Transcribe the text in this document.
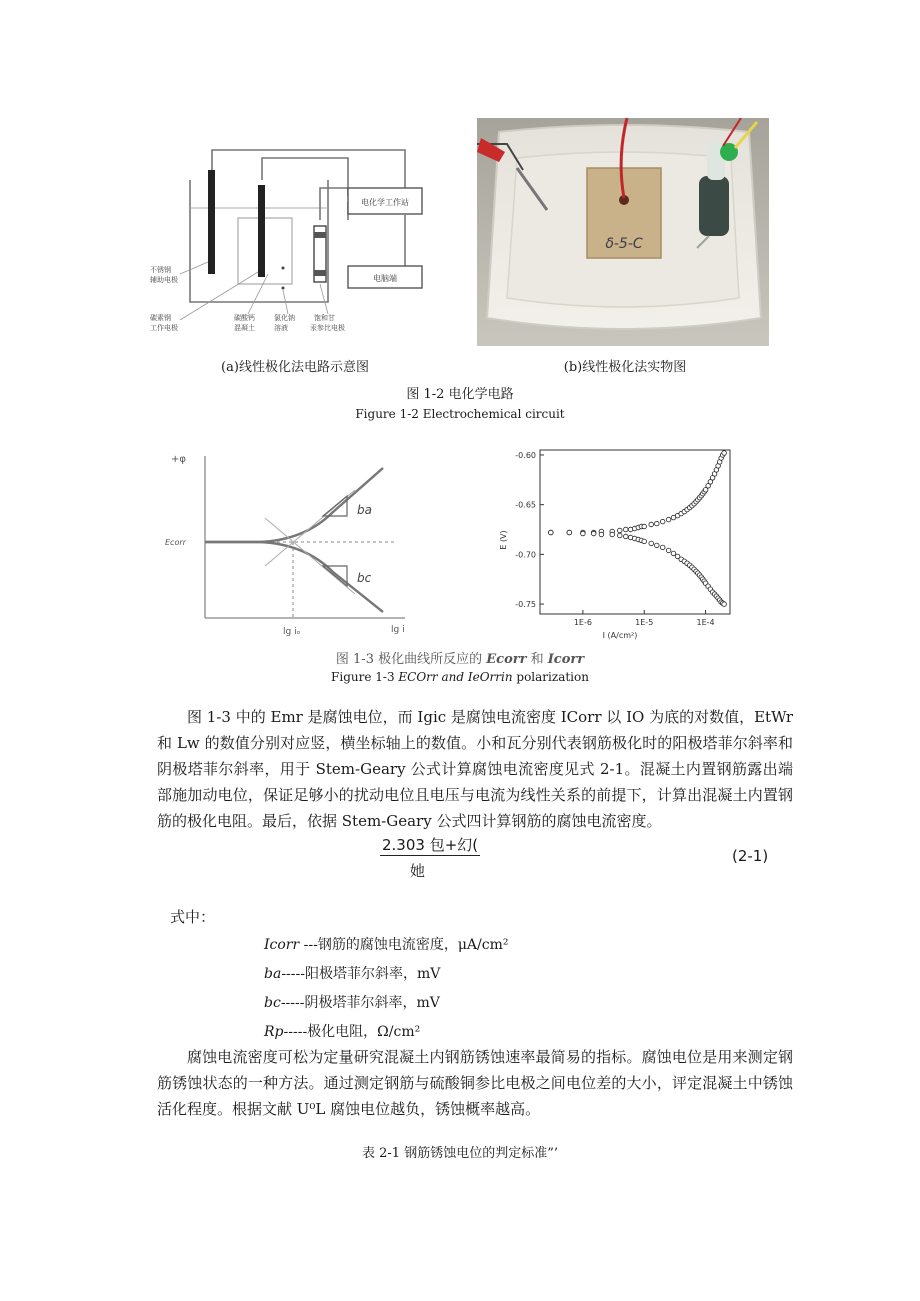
电化学工作站
电脑端
不锈钢
辅助电极
碳素钢
工作电极
碳酸钙
混凝土
氯化钠
溶液
饱和甘
汞参比电极
δ-5-C
(a)线性极化法电路示意图	(b)线性极化法实物图
图 1-2 电化学电路
Figure 1-2 Electrochemical circuit
+φ
Ecorr
lg iₒ	lg i
ba
bc
-0.60
-0.65
-0.70
-0.75
1E-6	1E-5	1E-4
E (V)
I (A/cm²)
图 1-3 极化曲线所反应的 Ecorr 和 Icorr
Figure 1-3 ECOrr and IeOrrin polarization

图 1-3 中的 Emr 是腐蚀电位，而 Igic 是腐蚀电流密度 ICorr 以 IO 为底的对数值，EtWr 和 Lw 的数值分别对应竖，横坐标轴上的数值。小和瓦分别代表钢筋极化时的阳极塔菲尔斜率和阴极塔菲尔斜率，用于 Stem-Geary 公式计算腐蚀电流密度见式 2-1。混凝土内置钢筋露出端部施加动电位，保证足够小的扰动电位且电压与电流为线性关系的前提下，计算出混凝土内置钢筋的极化电阻。最后，依据 Stem-Geary 公式四计算钢筋的腐蚀电流密度。

2.303 包+幻(
她
(2-1)
式中：
Icorr ---钢筋的腐蚀电流密度，μA/cm²
ba-----阳极塔菲尔斜率，mV
bc-----阴极塔菲尔斜率，mV
Rp-----极化电阻，Ω/cm²

腐蚀电流密度可松为定量研究混凝土内钢筋锈蚀速率最简易的指标。腐蚀电位是用来测定钢筋锈蚀状态的一种方法。通过测定钢筋与硫酸铜参比电极之间电位差的大小，评定混凝土中锈蚀活化程度。根据文献 U⁰L 腐蚀电位越负，锈蚀概率越高。

表 2-1 钢筋锈蚀电位的判定标准”’
